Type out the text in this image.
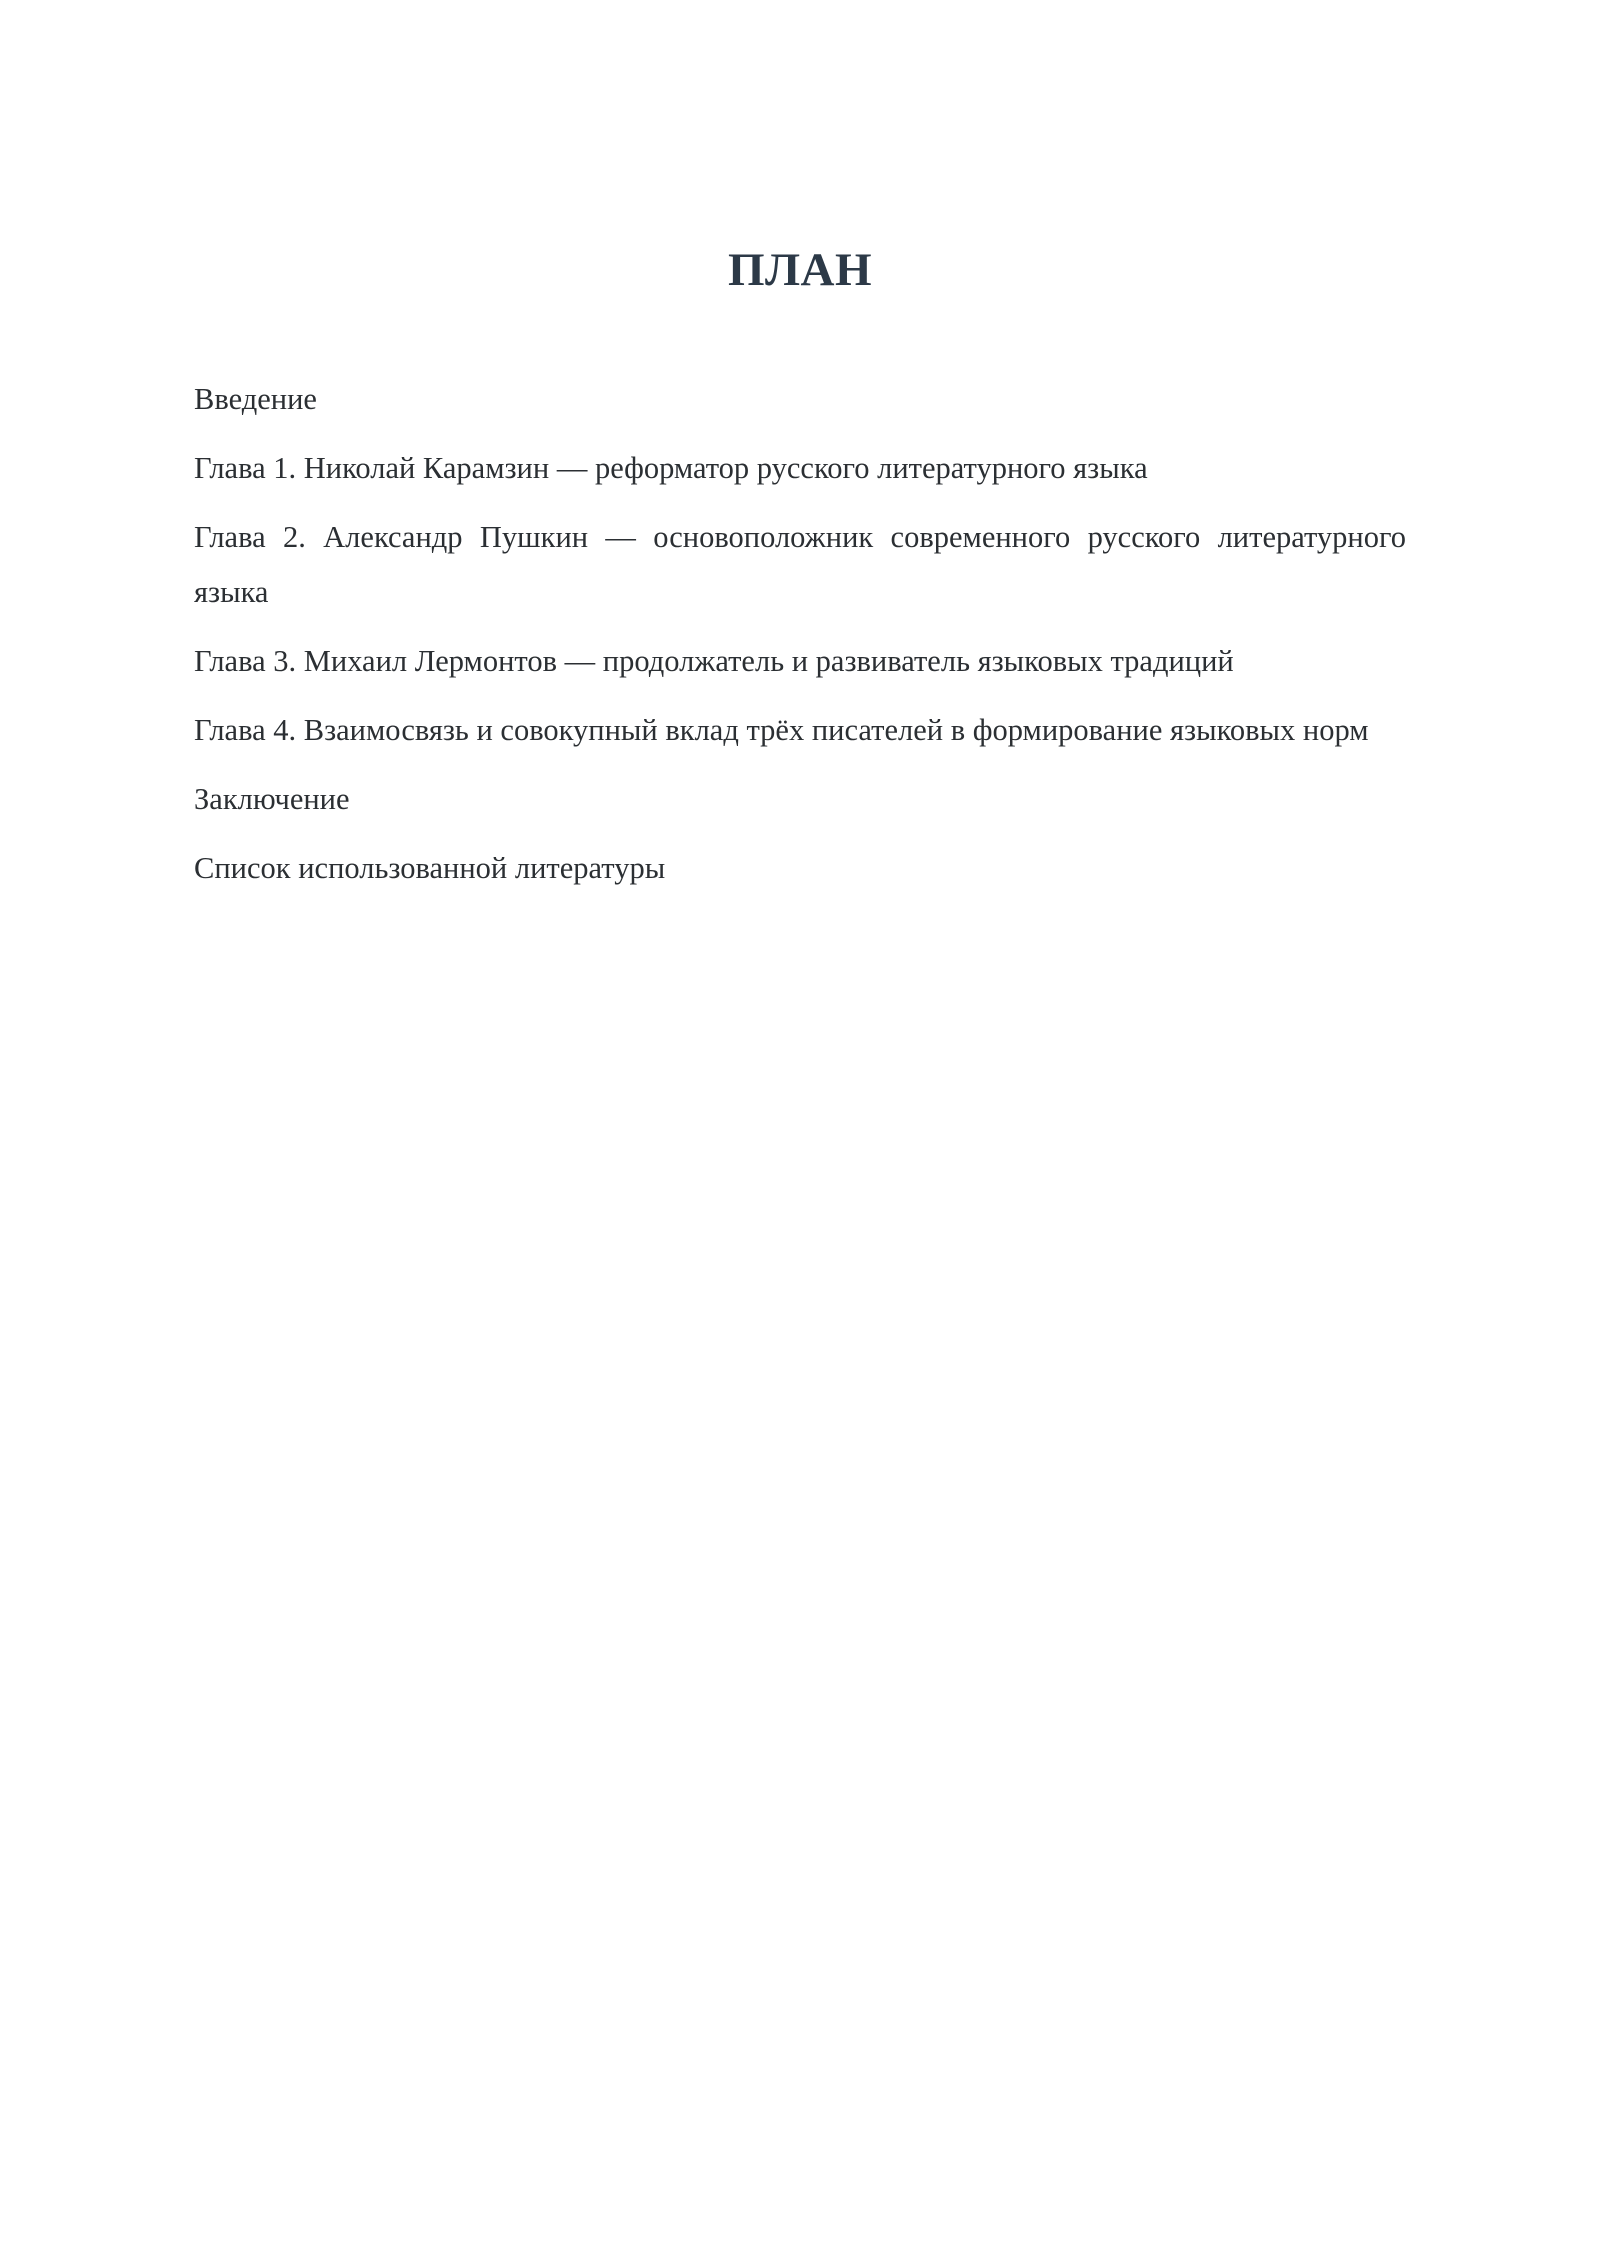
ПЛАН
Введение
Глава 1. Николай Карамзин — реформатор русского литературного языка
Глава 2. Александр Пушкин — основоположник современного русского литературного языка
Глава 3. Михаил Лермонтов — продолжатель и развиватель языковых традиций
Глава 4. Взаимосвязь и совокупный вклад трёх писателей в формирование языковых норм
Заключение
Список использованной литературы
